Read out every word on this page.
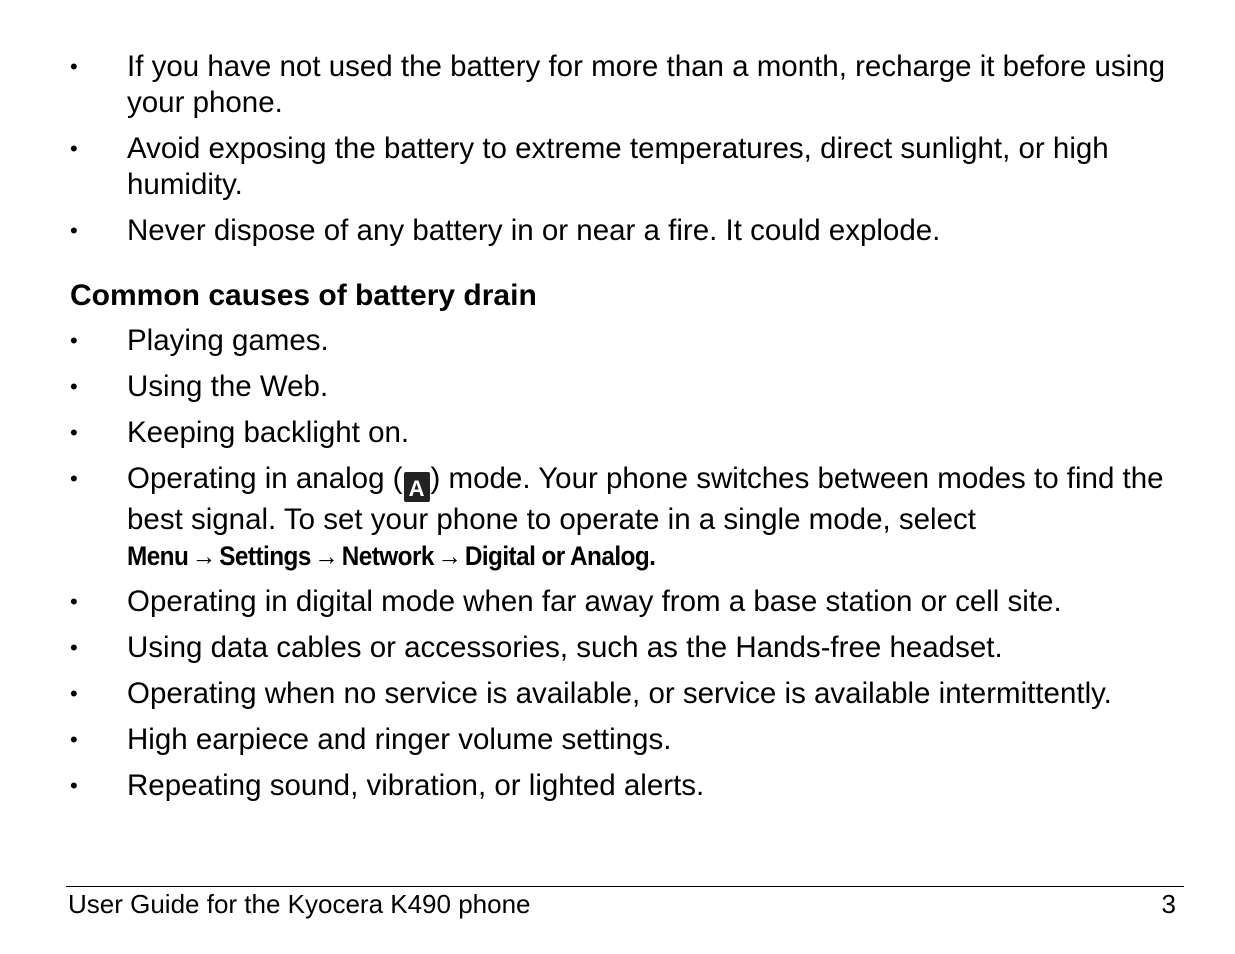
•	If you have not used the battery for more than a month, recharge it before using your phone.
•	Avoid exposing the battery to extreme temperatures, direct sunlight, or high humidity.
•	Never dispose of any battery in or near a fire. It could explode.
Common causes of battery drain
•	Playing games.
•	Using the Web.
•	Keeping backlight on.
•	Operating in analog ( A ) mode. Your phone switches between modes to find the best signal. To set your phone to operate in a single mode, select
Menu → Settings → Network → Digital or Analog.
•	Operating in digital mode when far away from a base station or cell site.
•	Using data cables or accessories, such as the Hands-free headset.
•	Operating when no service is available, or service is available intermittently.
•	High earpiece and ringer volume settings.
•	Repeating sound, vibration, or lighted alerts.
User Guide for the Kyocera K490 phone	3
